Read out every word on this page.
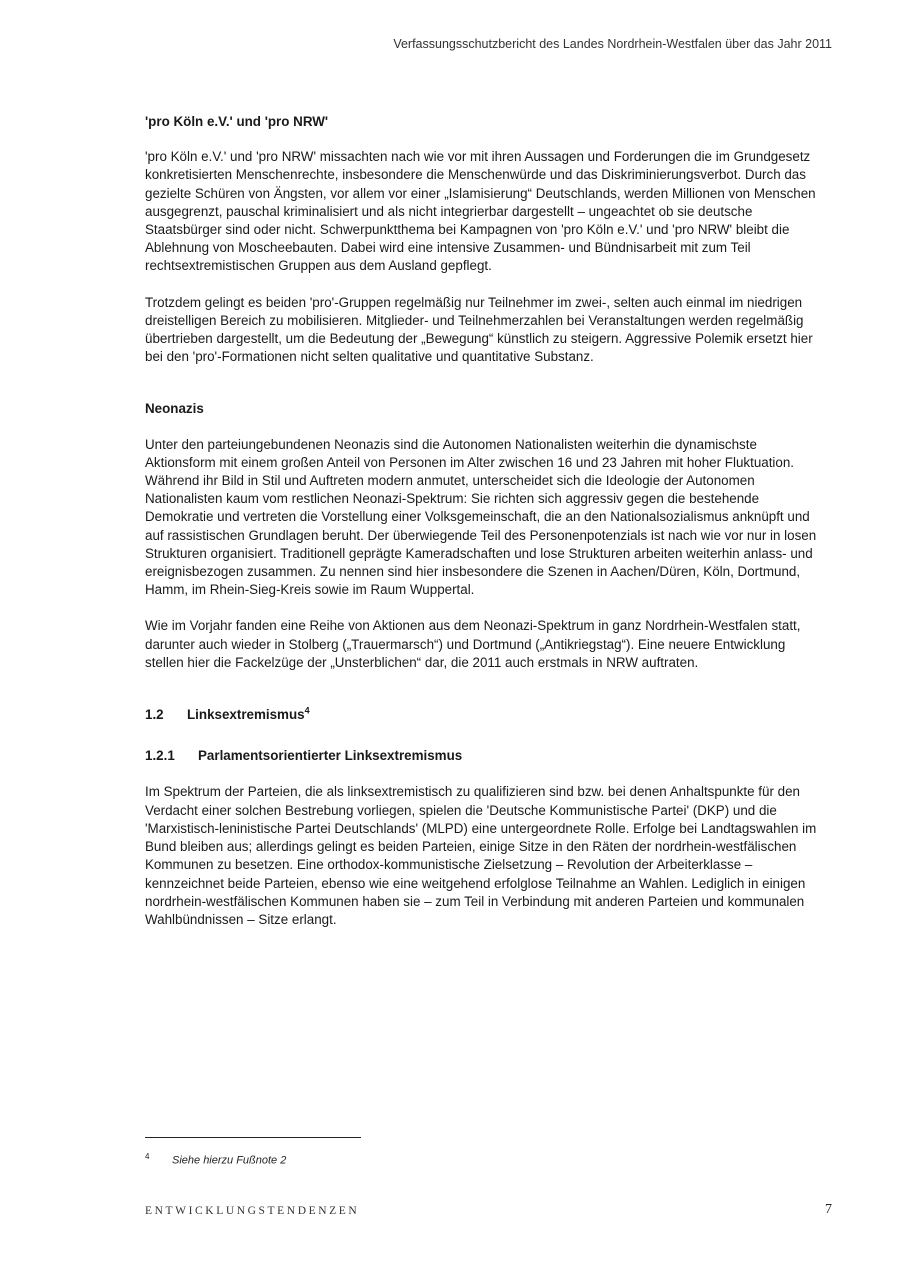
Verfassungsschutzbericht des Landes Nordrhein-Westfalen über das Jahr 2011
'pro Köln e.V.' und 'pro NRW'

'pro Köln e.V.' und 'pro NRW' missachten nach wie vor mit ihren Aussagen und Forderungen die im Grundgesetz konkretisierten Menschenrechte, insbesondere die Menschenwürde und das Diskriminierungsverbot. Durch das gezielte Schüren von Ängsten, vor allem vor einer „Islamisierung“ Deutschlands, werden Millionen von Menschen ausgegrenzt, pauschal kriminalisiert und als nicht integrierbar dargestellt – ungeachtet ob sie deutsche Staatsbürger sind oder nicht. Schwerpunktthema bei Kampagnen von 'pro Köln e.V.' und 'pro NRW' bleibt die Ablehnung von Moscheebauten. Dabei wird eine intensive Zusammen- und Bündnisarbeit mit zum Teil rechtsextremistischen Gruppen aus dem Ausland gepflegt.

Trotzdem gelingt es beiden 'pro'-Gruppen regelmäßig nur Teilnehmer im zwei-, selten auch einmal im niedrigen dreistelligen Bereich zu mobilisieren. Mitglieder- und Teilnehmerzahlen bei Veranstaltungen werden regelmäßig übertrieben dargestellt, um die Bedeutung der „Bewegung“ künstlich zu steigern. Aggressive Polemik ersetzt hier bei den 'pro'-Formationen nicht selten qualitative und quantitative Substanz.

Neonazis

Unter den parteiungebundenen Neonazis sind die Autonomen Nationalisten weiterhin die dynamischste Aktionsform mit einem großen Anteil von Personen im Alter zwischen 16 und 23 Jahren mit hoher Fluktuation. Während ihr Bild in Stil und Auftreten modern anmutet, unterscheidet sich die Ideologie der Autonomen Nationalisten kaum vom restlichen Neonazi-Spektrum: Sie richten sich aggressiv gegen die bestehende Demokratie und vertreten die Vorstellung einer Volksgemeinschaft, die an den Nationalsozialismus anknüpft und auf rassistischen Grundlagen beruht. Der überwiegende Teil des Personenpotenzials ist nach wie vor nur in losen Strukturen organisiert. Traditionell geprägte Kameradschaften und lose Strukturen arbeiten weiterhin anlass- und ereignisbezogen zusammen. Zu nennen sind hier insbesondere die Szenen in Aachen/Düren, Köln, Dortmund, Hamm, im Rhein-Sieg-Kreis sowie im Raum Wuppertal.

Wie im Vorjahr fanden eine Reihe von Aktionen aus dem Neonazi-Spektrum in ganz Nordrhein-Westfalen statt, darunter auch wieder in Stolberg („Trauermarsch“) und Dortmund („Antikriegstag“). Eine neuere Entwicklung stellen hier die Fackelzüge der „Unsterblichen“ dar, die 2011 auch erstmals in NRW auftraten.

1.2 Linksextremismus$^4$
1.2.1 Parlamentsorientierter Linksextremismus

Im Spektrum der Parteien, die als linksextremistisch zu qualifizieren sind bzw. bei denen Anhaltspunkte für den Verdacht einer solchen Bestrebung vorliegen, spielen die 'Deutsche Kommunistische Partei' (DKP) und die 'Marxistisch-leninistische Partei Deutschlands' (MLPD) eine untergeordnete Rolle. Erfolge bei Landtagswahlen im Bund bleiben aus; allerdings gelingt es beiden Parteien, einige Sitze in den Räten der nordrhein-westfälischen Kommunen zu besetzen. Eine orthodox-kommunistische Zielsetzung – Revolution der Arbeiterklasse – kennzeichnet beide Parteien, ebenso wie eine weitgehend erfolglose Teilnahme an Wahlen. Lediglich in einigen nordrhein-westfälischen Kommunen haben sie – zum Teil in Verbindung mit anderen Parteien und kommunalen Wahlbündnissen – Sitze erlangt.

4 Siehe hierzu Fußnote 2
ENTWICKLUNGSTENDENZEN	7
